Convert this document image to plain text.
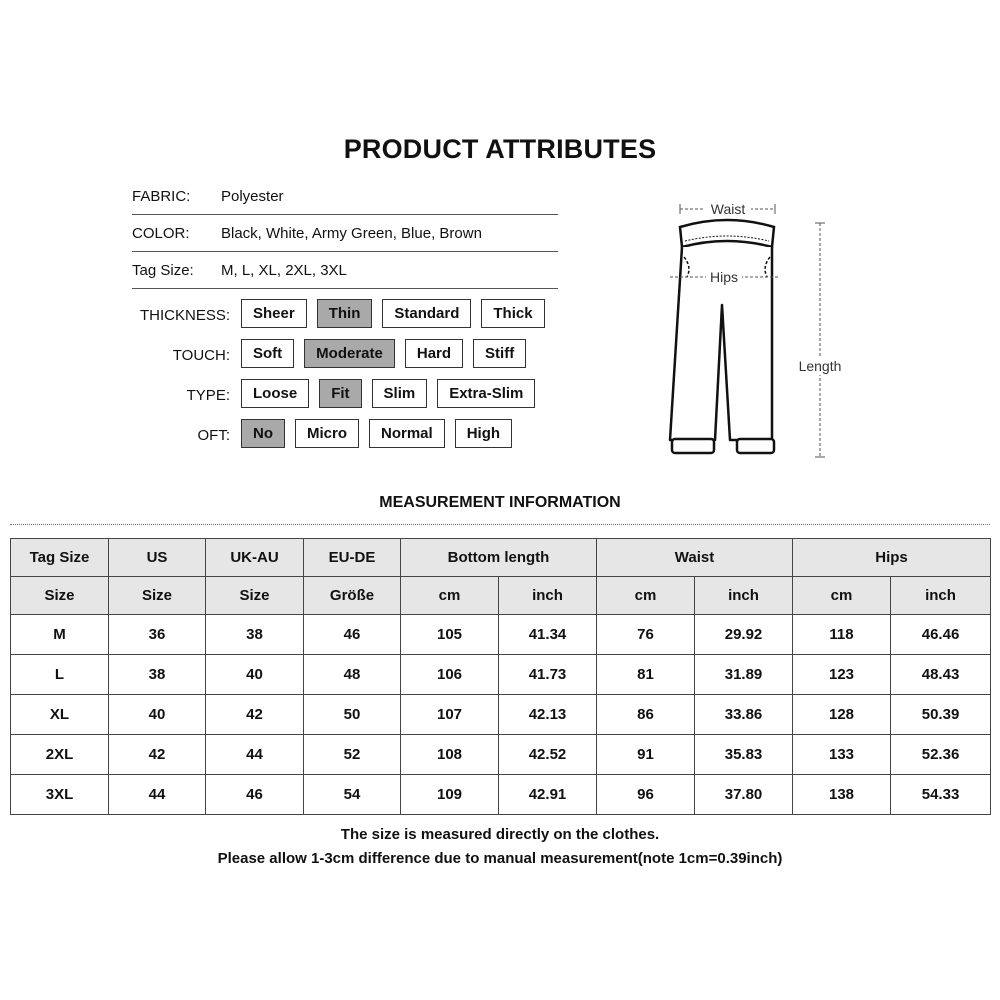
PRODUCT ATTRIBUTES
FABRIC: Polyester
COLOR: Black, White, Army Green, Blue, Brown
Tag Size: M, L, XL, 2XL, 3XL
THICKNESS:	Sheer	Thin	Standard	Thick
TOUCH:	Soft	Moderate	Hard	Stiff
TYPE:	Loose	Fit	Slim	Extra-Slim
OFT:	No	Micro	Normal	High
Waist
Hips
Length
MEASUREMENT INFORMATION
Tag Size	US	UK-AU	EU-DE	Bottom length		Waist		Hips	
Size	Size	Size	Größe	cm	inch	cm	inch	cm	inch
M	36	38	46	105	41.34	76	29.92	118	46.46
L	38	40	48	106	41.73	81	31.89	123	48.43
XL	40	42	50	107	42.13	86	33.86	128	50.39
2XL	42	44	52	108	42.52	91	35.83	133	52.36
3XL	44	46	54	109	42.91	96	37.80	138	54.33
The size is measured directly on the clothes.
Please allow 1-3cm difference due to manual measurement(note 1cm=0.39inch)
